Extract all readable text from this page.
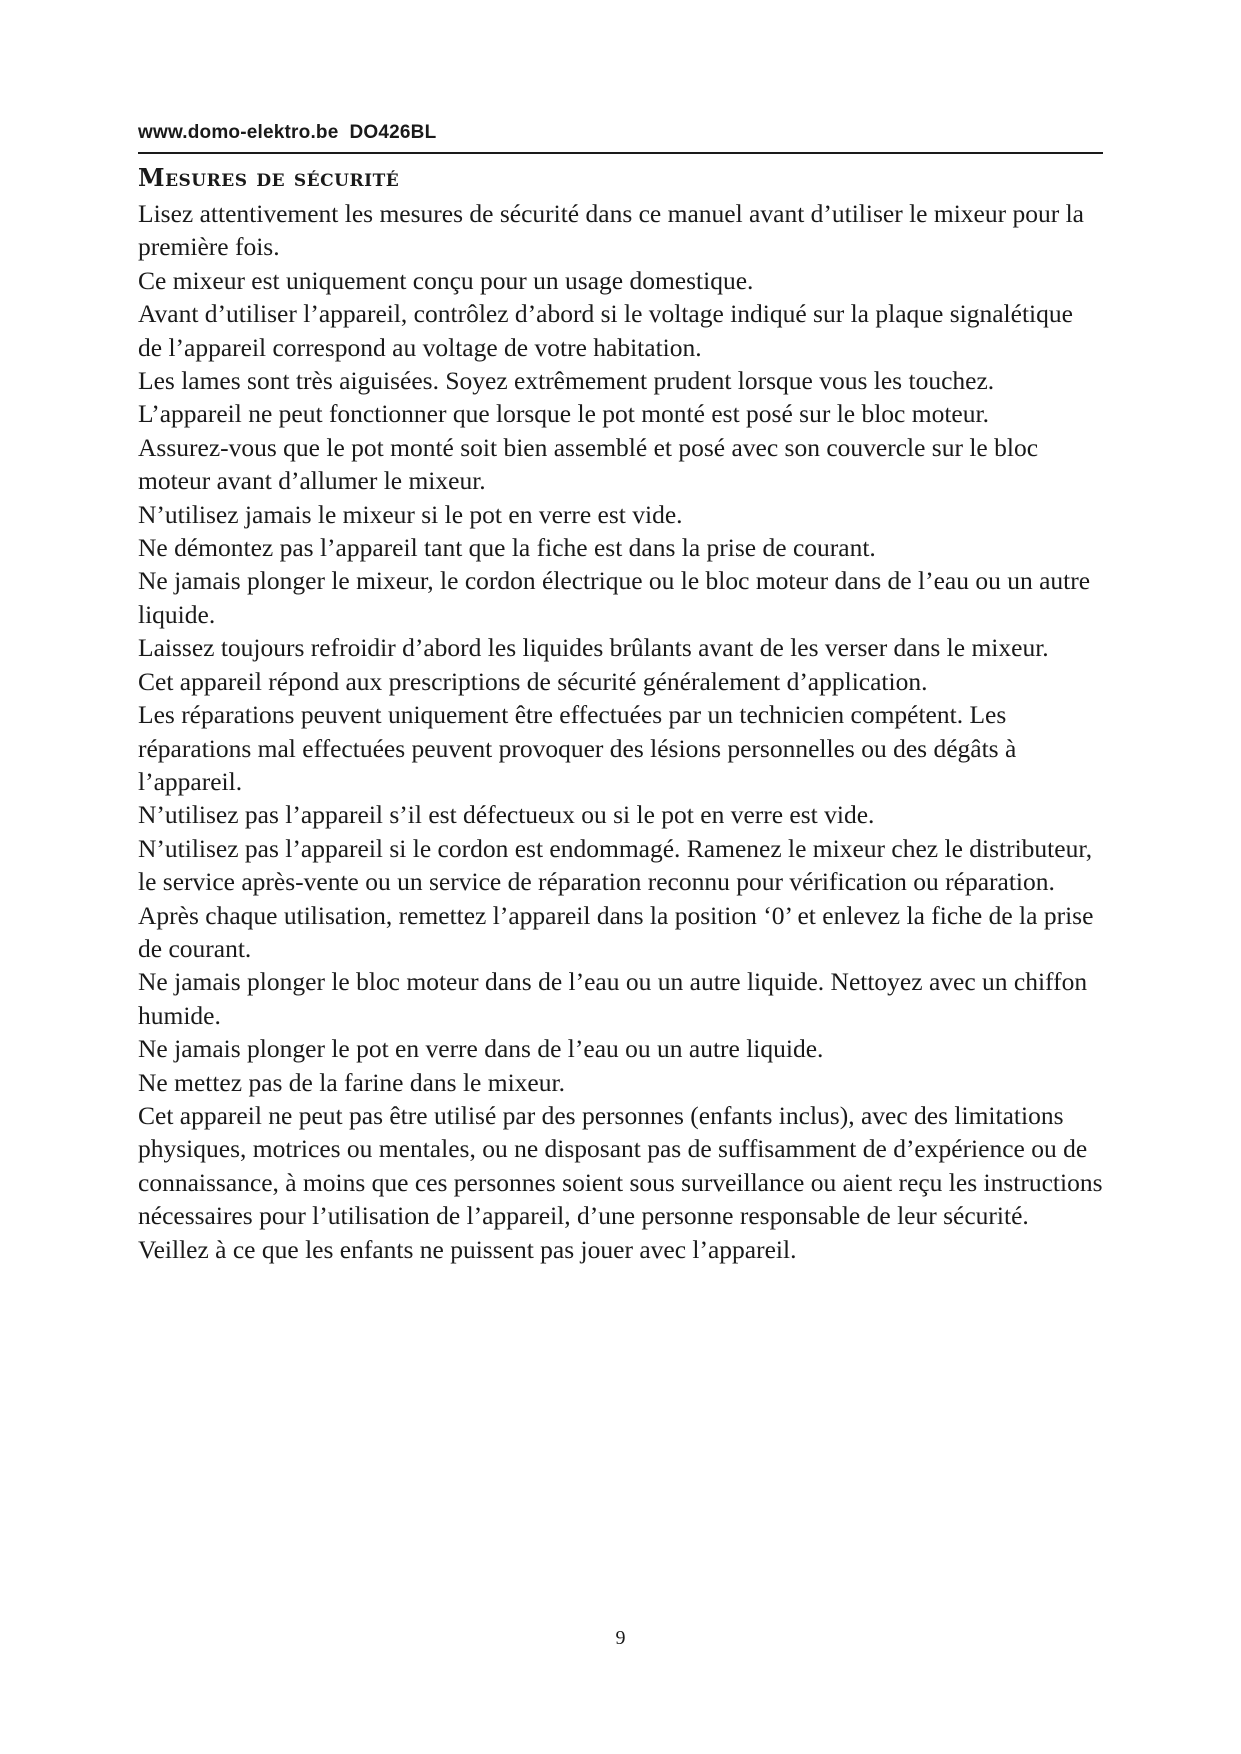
www.domo-elektro.be DO426BL
Mesures de sécurité

Lisez attentivement les mesures de sécurité dans ce manuel avant d’utiliser le mixeur pour la première fois.

Ce mixeur est uniquement conçu pour un usage domestique.

Avant d’utiliser l’appareil, contrôlez d’abord si le voltage indiqué sur la plaque signalétique de l’appareil correspond au voltage de votre habitation.

Les lames sont très aiguisées. Soyez extrêmement prudent lorsque vous les touchez.

L’appareil ne peut fonctionner que lorsque le pot monté est posé sur le bloc moteur.

Assurez-vous que le pot monté soit bien assemblé et posé avec son couvercle sur le bloc moteur avant d’allumer le mixeur.

N’utilisez jamais le mixeur si le pot en verre est vide.

Ne démontez pas l’appareil tant que la fiche est dans la prise de courant.

Ne jamais plonger le mixeur, le cordon électrique ou le bloc moteur dans de l’eau ou un autre liquide.

Laissez toujours refroidir d’abord les liquides brûlants avant de les verser dans le mixeur.

Cet appareil répond aux prescriptions de sécurité généralement d’application.

Les réparations peuvent uniquement être effectuées par un technicien compétent. Les réparations mal effectuées peuvent provoquer des lésions personnelles ou des dégâts à l’appareil.

N’utilisez pas l’appareil s’il est défectueux ou si le pot en verre est vide.

N’utilisez pas l’appareil si le cordon est endommagé. Ramenez le mixeur chez le distributeur, le service après-vente ou un service de réparation reconnu pour vérification ou réparation.

Après chaque utilisation, remettez l’appareil dans la position ‘0’ et enlevez la fiche de la prise de courant.

Ne jamais plonger le bloc moteur dans de l’eau ou un autre liquide. Nettoyez avec un chiffon humide.

Ne jamais plonger le pot en verre dans de l’eau ou un autre liquide.

Ne mettez pas de la farine dans le mixeur.

Cet appareil ne peut pas être utilisé par des personnes (enfants inclus), avec des limitations physiques, motrices ou mentales, ou ne disposant pas de suffisamment de d’expérience ou de connaissance, à moins que ces personnes soient sous surveillance ou aient reçu les instructions nécessaires pour l’utilisation de l’appareil, d’une personne responsable de leur sécurité.

Veillez à ce que les enfants ne puissent pas jouer avec l’appareil.

9
